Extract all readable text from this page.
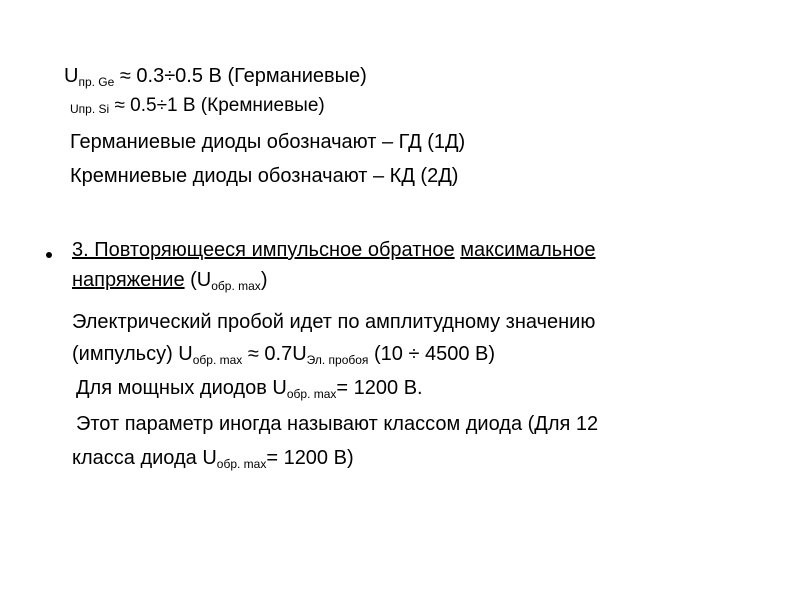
$U_{пр. Ge} \approx 0.3\div 0.5$ В (Германиевые)
Uпр. Si ≈ 0.5÷1 В (Кремниевые)
Германиевые диоды обозначают – ГД (1Д)
Кремниевые диоды обозначают – КД (2Д)
3. Повторяющееся импульсное обратное максимальное
напряжение $(U_{обр. max})$
Электрический пробой идет по амплитудному значению
(импульсу) $U_{обр. max} \approx 0.7U_{Эл. пробоя}$ (10 ÷ 4500 В)
Для мощных диодов $U_{обр. max}= 1200$ В.
Этот параметр иногда называют классом диода (Для 12
класса диода $U_{обр. max}= 1200$ В)
